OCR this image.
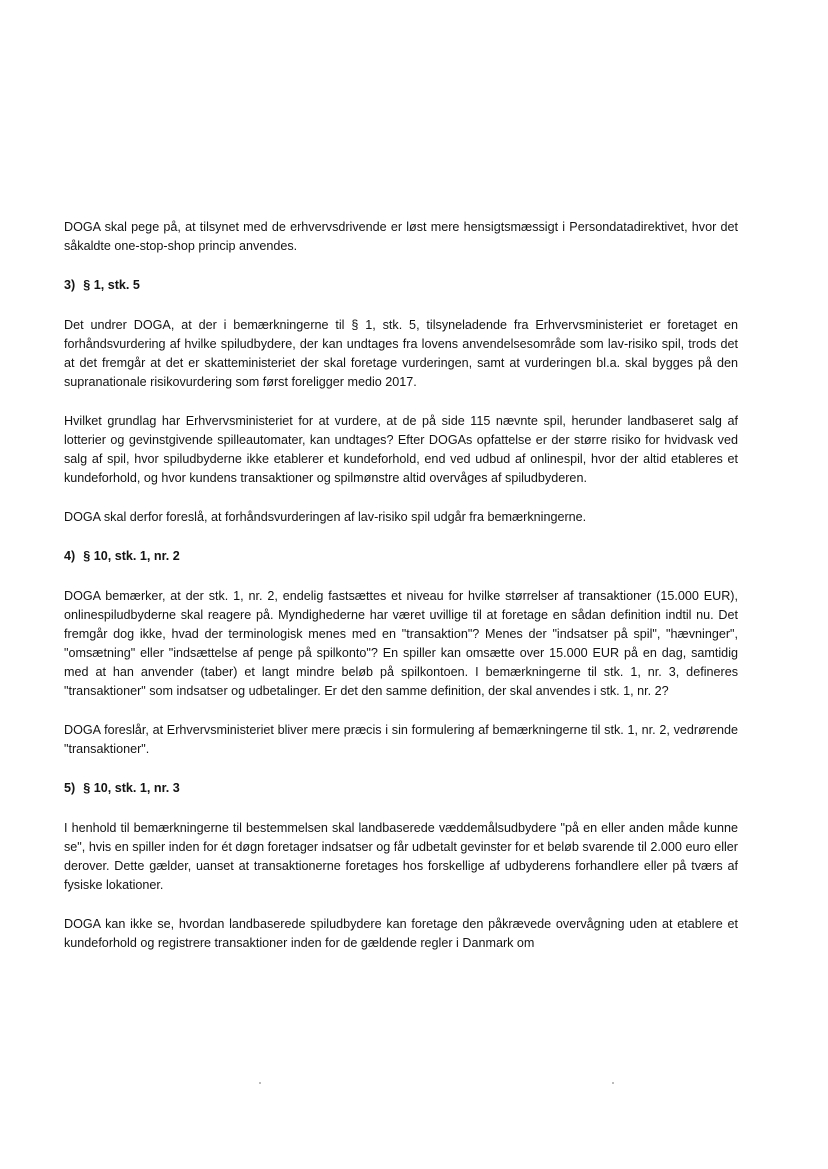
DOGA skal pege på, at tilsynet med de erhvervsdrivende er løst mere hensigtsmæssigt i Persondatadirektivet, hvor det såkaldte one-stop-shop princip anvendes.

3) § 1, stk. 5

Det undrer DOGA, at der i bemærkningerne til § 1, stk. 5, tilsyneladende fra Erhvervsministeriet er foretaget en forhåndsvurdering af hvilke spiludbydere, der kan undtages fra lovens anvendelsesområde som lav-risiko spil, trods det at det fremgår at det er skatteministeriet der skal foretage vurderingen, samt at vurderingen bl.a. skal bygges på den supranationale risikovurdering som først foreligger medio 2017.

Hvilket grundlag har Erhvervsministeriet for at vurdere, at de på side 115 nævnte spil, herunder landbaseret salg af lotterier og gevinstgivende spilleautomater, kan undtages? Efter DOGAs opfattelse er der større risiko for hvidvask ved salg af spil, hvor spiludbyderne ikke etablerer et kundeforhold, end ved udbud af onlinespil, hvor der altid etableres et kundeforhold, og hvor kundens transaktioner og spilmønstre altid overvåges af spiludbyderen.

DOGA skal derfor foreslå, at forhåndsvurderingen af lav-risiko spil udgår fra bemærkningerne.

4) § 10, stk. 1, nr. 2

DOGA bemærker, at der stk. 1, nr. 2, endelig fastsættes et niveau for hvilke størrelser af transaktioner (15.000 EUR), onlinespiludbyderne skal reagere på. Myndighederne har været uvillige til at foretage en sådan definition indtil nu. Det fremgår dog ikke, hvad der terminologisk menes med en "transaktion"? Menes der "indsatser på spil", "hævninger", "omsætning" eller "indsættelse af penge på spilkonto"? En spiller kan omsætte over 15.000 EUR på en dag, samtidig med at han anvender (taber) et langt mindre beløb på spilkontoen. I bemærkningerne til stk. 1, nr. 3, defineres "transaktioner" som indsatser og udbetalinger. Er det den samme definition, der skal anvendes i stk. 1, nr. 2?

DOGA foreslår, at Erhvervsministeriet bliver mere præcis i sin formulering af bemærkningerne til stk. 1, nr. 2, vedrørende "transaktioner".

5) § 10, stk. 1, nr. 3

I henhold til bemærkningerne til bestemmelsen skal landbaserede væddemålsudbydere "på en eller anden måde kunne se", hvis en spiller inden for ét døgn foretager indsatser og får udbetalt gevinster for et beløb svarende til 2.000 euro eller derover. Dette gælder, uanset at transaktionerne foretages hos forskellige af udbyderens forhandlere eller på tværs af fysiske lokationer.

DOGA kan ikke se, hvordan landbaserede spiludbydere kan foretage den påkrævede overvågning uden at etablere et kundeforhold og registrere transaktioner inden for de gældende regler i Danmark om
